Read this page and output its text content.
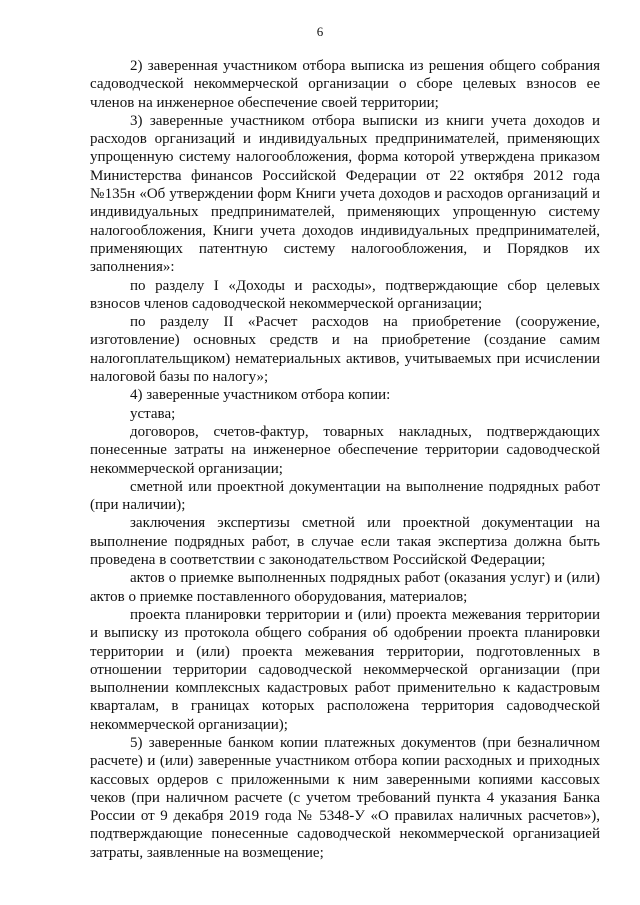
6

2) заверенная участником отбора выписка из решения общего собрания садоводческой некоммерческой организации о сборе целевых взносов ее членов на инженерное обеспечение своей территории;

3) заверенные участником отбора выписки из книги учета доходов и расходов организаций и индивидуальных предпринимателей, применяющих упрощенную систему налогообложения, форма которой утверждена приказом Министерства финансов Российской Федерации от 22 октября 2012 года №135н «Об утверждении форм Книги учета доходов и расходов организаций и индивидуальных предпринимателей, применяющих упрощенную систему налогообложения, Книги учета доходов индивидуальных предпринимателей, применяющих патентную систему налогообложения, и Порядков их заполнения»:

по разделу I «Доходы и расходы», подтверждающие сбор целевых взносов членов садоводческой некоммерческой организации;

по разделу II «Расчет расходов на приобретение (сооружение, изготовление) основных средств и на приобретение (создание самим налогоплательщиком) нематериальных активов, учитываемых при исчислении налоговой базы по налогу»;

4) заверенные участником отбора копии:

устава;

договоров, счетов-фактур, товарных накладных, подтверждающих понесенные затраты на инженерное обеспечение территории садоводческой некоммерческой организации;

сметной или проектной документации на выполнение подрядных работ (при наличии);

заключения экспертизы сметной или проектной документации на выполнение подрядных работ, в случае если такая экспертиза должна быть проведена в соответствии с законодательством Российской Федерации;

актов о приемке выполненных подрядных работ (оказания услуг) и (или) актов о приемке поставленного оборудования, материалов;

проекта планировки территории и (или) проекта межевания территории и выписку из протокола общего собрания об одобрении проекта планировки территории и (или) проекта межевания территории, подготовленных в отношении территории садоводческой некоммерческой организации (при выполнении комплексных кадастровых работ применительно к кадастровым кварталам, в границах которых расположена территория садоводческой некоммерческой организации);

5) заверенные банком копии платежных документов (при безналичном расчете) и (или) заверенные участником отбора копии расходных и приходных кассовых ордеров с приложенными к ним заверенными копиями кассовых чеков (при наличном расчете (с учетом требований пункта 4 указания Банка России от 9 декабря 2019 года № 5348-У «О правилах наличных расчетов»), подтверждающие понесенные садоводческой некоммерческой организацией затраты, заявленные на возмещение;
